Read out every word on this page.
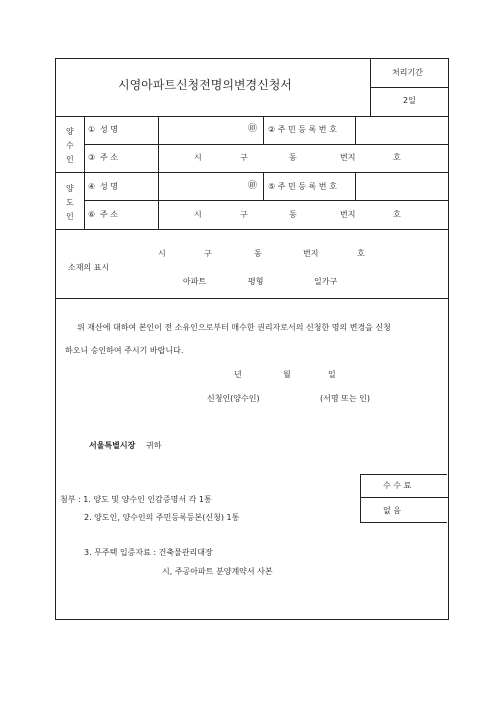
시영아파트신청전명의변경신청서
처리기간
2일
양
수
인
① 성 명	㊞ ② 주 민 등 록 번 호
③ 주 소	시	구	동	번지	호
양
도
인
④ 성 명	㊞ ⑤ 주 민 등 록 번 호
⑥ 주 소	시	구	동	번지	호
소재의 표시
시	구	동	번지	호
아파트	평형	일가구
위 재산에 대하여 본인이 전 소유인으로부터 매수한 권리자로서의 신청한 명의 변경을 신청
하오니 승인하여 주시기 바랍니다.
년	월	일
신청인(양수인)	(서명 또는 인)
서울특별시장 귀하
수 수 료
없 음
첨부 : 1. 양도 및 양수인 인감증명서 각 1통
2. 양도인, 양수인의 주민등록등본(신청) 1통
3. 무주택 입증자료 : 건축물관리대장
시, 주공아파트 분양계약서 사본
